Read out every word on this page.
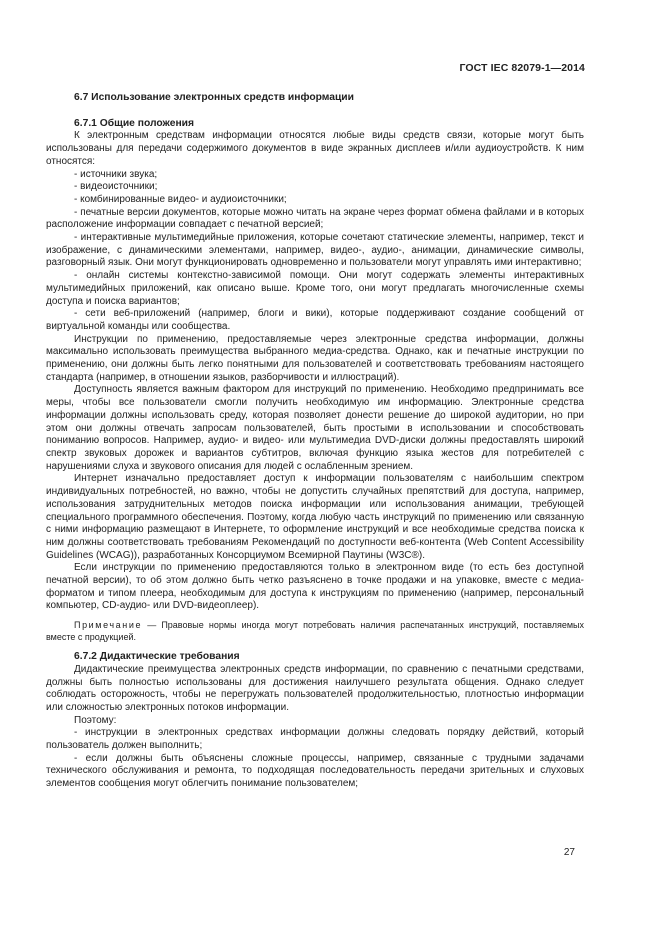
ГОСТ IEC 82079-1—2014
6.7 Использование электронных средств информации
6.7.1 Общие положения

К электронным средствам информации относятся любые виды средств связи, которые могут быть использованы для передачи содержимого документов в виде экранных дисплеев и/или аудиоустройств. К ним относятся:

- источники звука;
- видеоисточники;
- комбинированные видео- и аудиоисточники;

- печатные версии документов, которые можно читать на экране через формат обмена файлами и в которых расположение информации совпадает с печатной версией;

- интерактивные мультимедийные приложения, которые сочетают статические элементы, например, текст и изображение, с динамическими элементами, например, видео-, аудио-, анимации, динамические символы, разговорный язык. Они могут функционировать одновременно и пользователи могут управлять ими интерактивно;

- онлайн системы контекстно-зависимой помощи. Они могут содержать элементы интерактивных мультимедийных приложений, как описано выше. Кроме того, они могут предлагать многочисленные схемы доступа и поиска вариантов;

- сети веб-приложений (например, блоги и вики), которые поддерживают создание сообщений от виртуальной команды или сообщества.

Инструкции по применению, предоставляемые через электронные средства информации, должны максимально использовать преимущества выбранного медиа-средства. Однако, как и печатные инструкции по применению, они должны быть легко понятными для пользователей и соответствовать требованиям настоящего стандарта (например, в отношении языков, разборчивости и иллюстраций).

Доступность является важным фактором для инструкций по применению. Необходимо предпринимать все меры, чтобы все пользователи смогли получить необходимую им информацию. Электронные средства информации должны использовать среду, которая позволяет донести решение до широкой аудитории, но при этом они должны отвечать запросам пользователей, быть простыми в использовании и способствовать пониманию вопросов. Например, аудио- и видео- или мультимедиа DVD-диски должны предоставлять широкий спектр звуковых дорожек и вариантов субтитров, включая функцию языка жестов для потребителей с нарушениями слуха и звукового описания для людей с ослабленным зрением.

Интернет изначально предоставляет доступ к информации пользователям с наибольшим спектром индивидуальных потребностей, но важно, чтобы не допустить случайных препятствий для доступа, например, использования затруднительных методов поиска информации или использования анимации, требующей специального программного обеспечения. Поэтому, когда любую часть инструкций по применению или связанную с ними информацию размещают в Интернете, то оформление инструкций и все необходимые средства поиска к ним должны соответствовать требованиям Рекомендаций по доступности веб-контента (Web Content Accessibility Guidelines (WCAG)), разработанных Консорциумом Всемирной Паутины (W3C®).

Если инструкции по применению предоставляются только в электронном виде (то есть без доступной печатной версии), то об этом должно быть четко разъяснено в точке продажи и на упаковке, вместе с медиа-форматом и типом плеера, необходимым для доступа к инструкциям по применению (например, персональный компьютер, CD-аудио- или DVD-видеоплеер).

Примечание — Правовые нормы иногда могут потребовать наличия распечатанных инструкций, поставляемых вместе с продукцией.
6.7.2 Дидактические требования

Дидактические преимущества электронных средств информации, по сравнению с печатными средствами, должны быть полностью использованы для достижения наилучшего результата общения. Однако следует соблюдать осторожность, чтобы не перегружать пользователей продолжительностью, плотностью информации или сложностью электронных потоков информации.

Поэтому:

- инструкции в электронных средствах информации должны следовать порядку действий, который пользователь должен выполнить;

- если должны быть объяснены сложные процессы, например, связанные с трудными задачами технического обслуживания и ремонта, то подходящая последовательность передачи зрительных и слуховых элементов сообщения могут облегчить понимание пользователем;

27
